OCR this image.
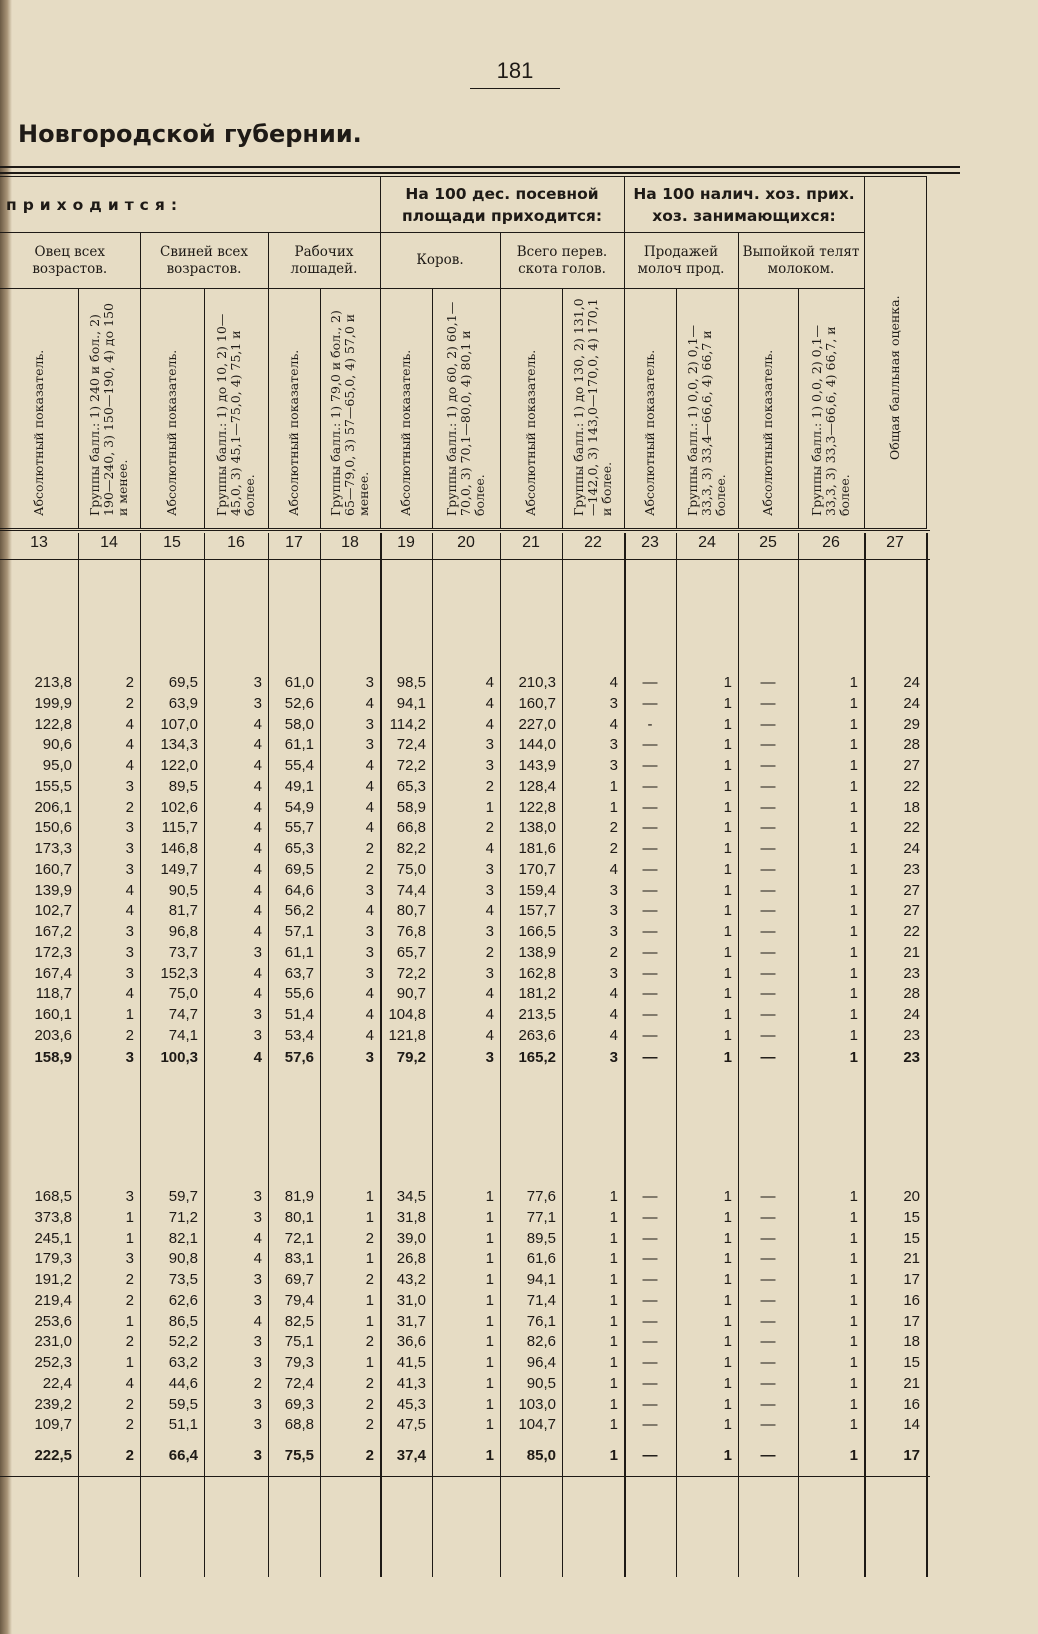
181
Новгородской губернии.
приходится:						На 100 дес. посевной площади приходится:				На 100 налич. хоз. прих. хоз. занимающихся:				Общая балльная оценка.
Овец всех возрастов.		Свиней всех возрастов.		Рабочих лошадей.		Коров.		Всего перев. скота голов.		Продажей молоч прод.		Выпойкой телят молоком.		
Абсолютный показатель.	Группы балл.: 1) 240 и бол., 2) 190—240, 3) 150—190, 4) до 150 и менее.	Абсолютный показатель.	Группы балл.: 1) до 10, 2) 10—45,0, 3) 45,1—75,0, 4) 75,1 и более.	Абсолютный показатель.	Группы балл.: 1) 79,0 и бол., 2) 65—79,0, 3) 57—65,0, 4) 57,0 и менее.	Абсолютный показатель.	Группы балл.: 1) до 60, 2) 60,1—70,0, 3) 70,1—80,0, 4) 80,1 и более.	Абсолютный показатель.	Группы балл.: 1) до 130, 2) 131,0—142,0, 3) 143,0—170,0, 4) 170,1 и более.	Абсолютный показатель.	Группы балл.: 1) 0,0, 2) 0,1—33,3, 3) 33,4—66,6, 4) 66,7 и более.	Абсолютный показатель.	Группы балл.: 1) 0,0, 2) 0,1—33,3, 3) 33,3—66,6, 4) 66,7, и более.	
13	14	15	16	17	18	19	20	21	22	23	24	25	26	27
213,8	2	69,5	3	61,0	3	98,5	4	210,3	4	—	1	—	1	24
199,9	2	63,9	3	52,6	4	94,1	4	160,7	3	—	1	—	1	24
122,8	4	107,0	4	58,0	3	114,2	4	227,0	4	-	1	—	1	29
90,6	4	134,3	4	61,1	3	72,4	3	144,0	3	—	1	—	1	28
95,0	4	122,0	4	55,4	4	72,2	3	143,9	3	—	1	—	1	27
155,5	3	89,5	4	49,1	4	65,3	2	128,4	1	—	1	—	1	22
206,1	2	102,6	4	54,9	4	58,9	1	122,8	1	—	1	—	1	18
150,6	3	115,7	4	55,7	4	66,8	2	138,0	2	—	1	—	1	22
173,3	3	146,8	4	65,3	2	82,2	4	181,6	2	—	1	—	1	24
160,7	3	149,7	4	69,5	2	75,0	3	170,7	4	—	1	—	1	23
139,9	4	90,5	4	64,6	3	74,4	3	159,4	3	—	1	—	1	27
102,7	4	81,7	4	56,2	4	80,7	4	157,7	3	—	1	—	1	27
167,2	3	96,8	4	57,1	3	76,8	3	166,5	3	—	1	—	1	22
172,3	3	73,7	3	61,1	3	65,7	2	138,9	2	—	1	—	1	21
167,4	3	152,3	4	63,7	3	72,2	3	162,8	3	—	1	—	1	23
118,7	4	75,0	4	55,6	4	90,7	4	181,2	4	—	1	—	1	28
160,1	1	74,7	3	51,4	4 104,8	4	213,5	4	—	1	—	1	24
203,6	2	74,1	3	53,4	4 121,8	4	263,6	4	—	1	—	1	23
158,9	3	100,3	4	57,6	3	79,2	3	165,2	3	—	1	—	1	23
168,5	3	59,7	3	81,9	1	34,5	1	77,6	1	—	1	—	1	20
373,8	1	71,2	3	80,1	1	31,8	1	77,1	1	—	1	—	1	15
245,1	1	82,1	4	72,1	2	39,0	1	89,5	1	—	1	—	1	15
179,3	3	90,8	4	83,1	1	26,8	1	61,6	1	—	1	—	1	21
191,2	2	73,5	3	69,7	2	43,2	1	94,1	1	—	1	—	1	17
219,4	2	62,6	3	79,4	1	31,0	1	71,4	1	—	1	—	1	16
253,6	1	86,5	4	82,5	1	31,7	1	76,1	1	—	1	—	1	17
231,0	2	52,2	3	75,1	2	36,6	1	82,6	1	—	1	—	1	18
252,3	1	63,2	3	79,3	1	41,5	1	96,4	1	—	1	—	1	15
22,4	4	44,6	2	72,4	2	41,3	1	90,5	1	—	1	—	1	21
239,2	2	59,5	3	69,3	2	45,3	1	103,0	1	—	1	—	1	16
109,7	2	51,1	3	68,8	2	47,5	1	104,7	1	—	1	—	1	14
222,5	2	66,4	3	75,5	2	37,4	1	85,0	1	—	1	—	1	17
